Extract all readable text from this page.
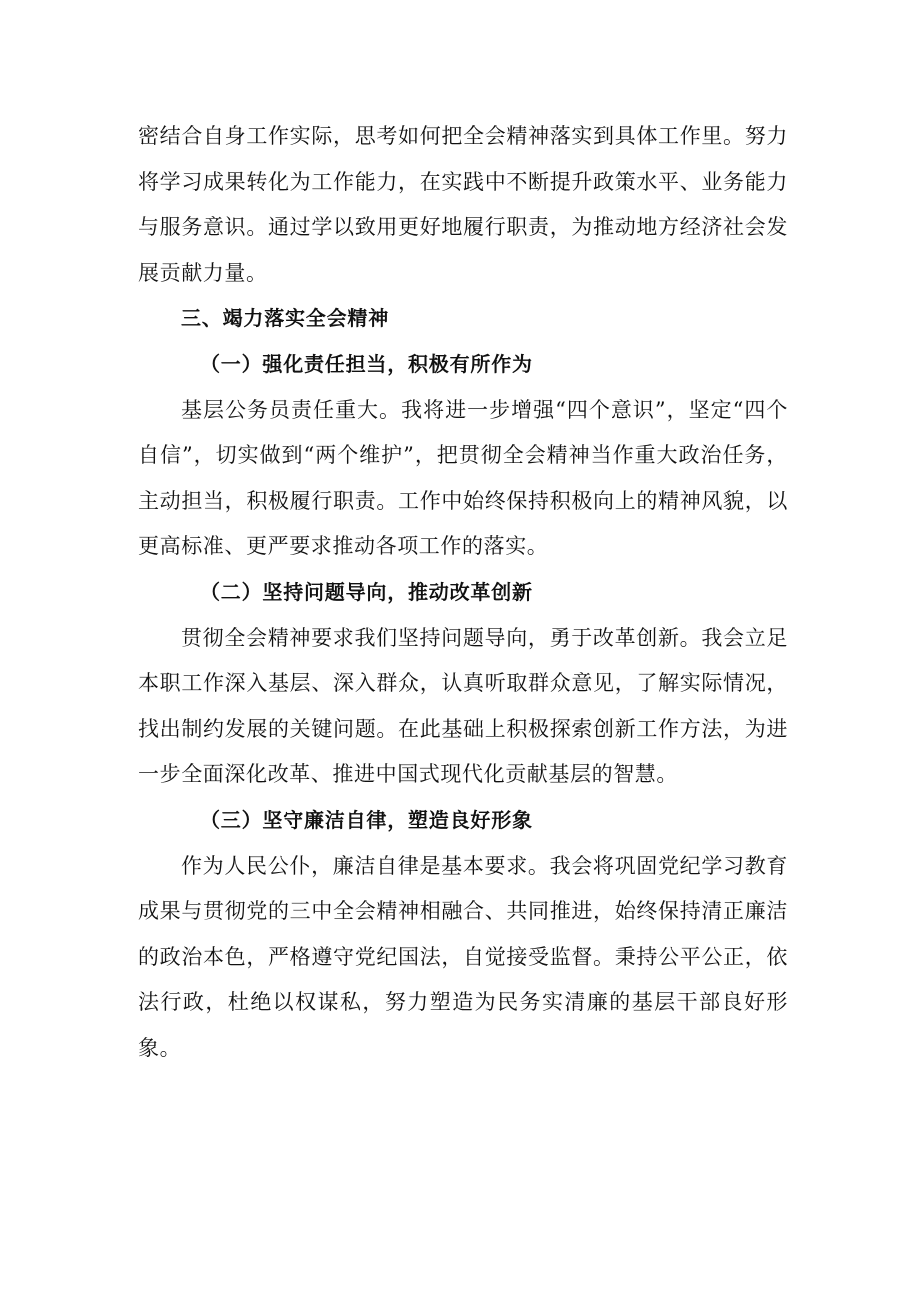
密结合自身工作实际，思考如何把全会精神落实到具体工作里。努力将学习成果转化为工作能力，在实践中不断提升政策水平、业务能力与服务意识。通过学以致用更好地履行职责，为推动地方经济社会发展贡献力量。

三、竭力落实全会精神
（一）强化责任担当，积极有所作为

基层公务员责任重大。我将进一步增强“四个意识”，坚定“四个自信”，切实做到“两个维护”，把贯彻全会精神当作重大政治任务，主动担当，积极履行职责。工作中始终保持积极向上的精神风貌，以更高标准、更严要求推动各项工作的落实。

（二）坚持问题导向，推动改革创新

贯彻全会精神要求我们坚持问题导向，勇于改革创新。我会立足本职工作深入基层、深入群众，认真听取群众意见，了解实际情况，找出制约发展的关键问题。在此基础上积极探索创新工作方法，为进一步全面深化改革、推进中国式现代化贡献基层的智慧。

（三）坚守廉洁自律，塑造良好形象

作为人民公仆，廉洁自律是基本要求。我会将巩固党纪学习教育成果与贯彻党的三中全会精神相融合、共同推进，始终保持清正廉洁的政治本色，严格遵守党纪国法，自觉接受监督。秉持公平公正，依法行政，杜绝以权谋私，努力塑造为民务实清廉的基层干部良好形象。
